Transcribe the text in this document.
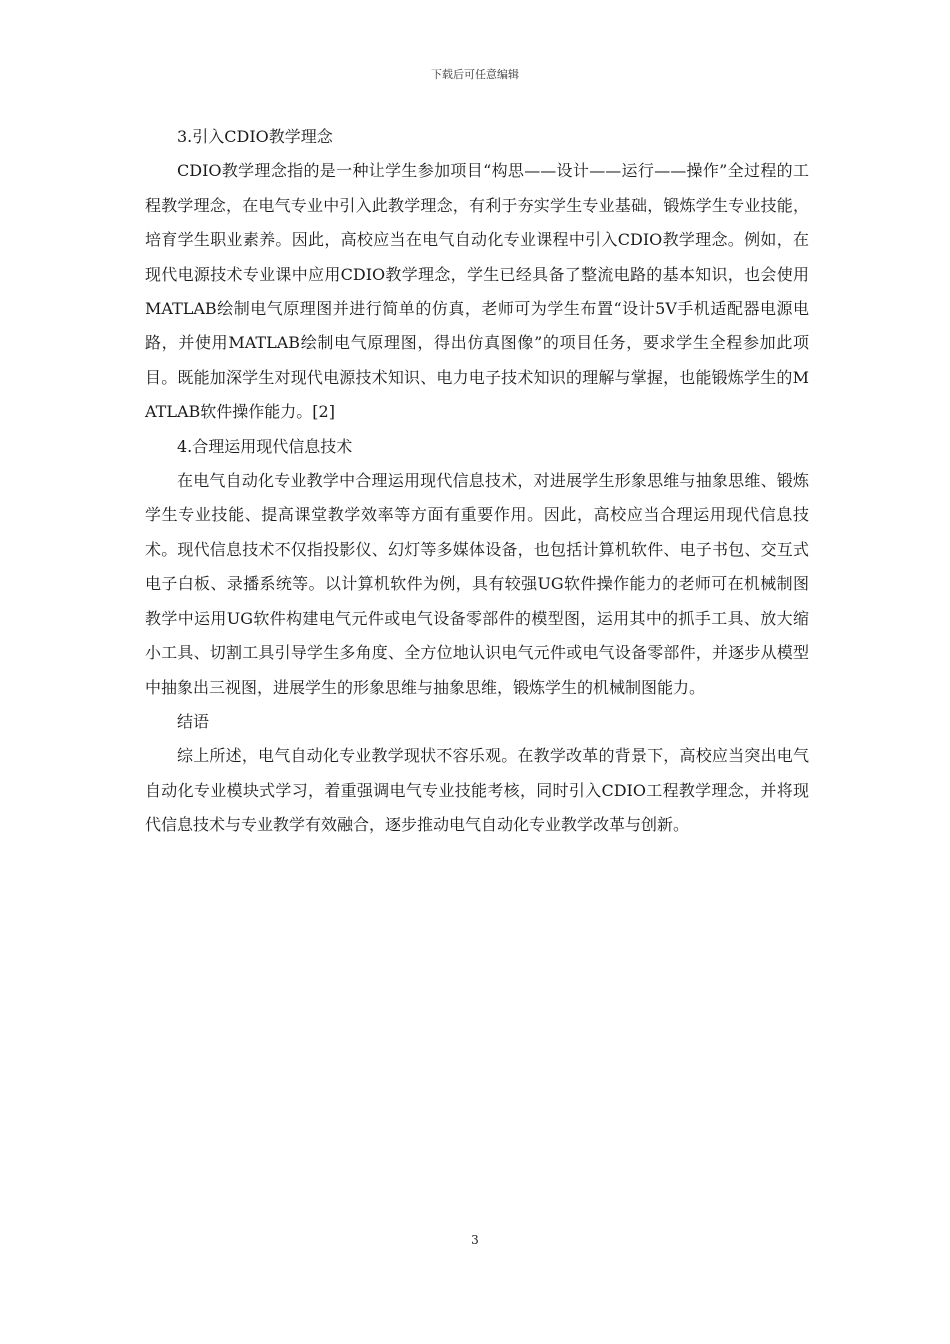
下载后可任意编辑

3.引入CDIO教学理念

CDIO教学理念指的是一种让学生参加项目“构思——设计——运行——操作”全过程的工程教学理念，在电气专业中引入此教学理念，有利于夯实学生专业基础，锻炼学生专业技能，培育学生职业素养。因此，高校应当在电气自动化专业课程中引入CDIO教学理念。例如，在现代电源技术专业课中应用CDIO教学理念，学生已经具备了整流电路的基本知识，也会使用MATLAB绘制电气原理图并进行简单的仿真，老师可为学生布置“设计5V手机适配器电源电路，并使用MATLAB绘制电气原理图，得出仿真图像”的项目任务，要求学生全程参加此项目。既能加深学生对现代电源技术知识、电力电子技术知识的理解与掌握，也能锻炼学生的MATLAB软件操作能力。[2]

4.合理运用现代信息技术

在电气自动化专业教学中合理运用现代信息技术，对进展学生形象思维与抽象思维、锻炼学生专业技能、提高课堂教学效率等方面有重要作用。因此，高校应当合理运用现代信息技术。现代信息技术不仅指投影仪、幻灯等多媒体设备，也包括计算机软件、电子书包、交互式电子白板、录播系统等。以计算机软件为例，具有较强UG软件操作能力的老师可在机械制图教学中运用UG软件构建电气元件或电气设备零部件的模型图，运用其中的抓手工具、放大缩小工具、切割工具引导学生多角度、全方位地认识电气元件或电气设备零部件，并逐步从模型中抽象出三视图，进展学生的形象思维与抽象思维，锻炼学生的机械制图能力。

结语

综上所述，电气自动化专业教学现状不容乐观。在教学改革的背景下，高校应当突出电气自动化专业模块式学习，着重强调电气专业技能考核，同时引入CDIO工程教学理念，并将现代信息技术与专业教学有效融合，逐步推动电气自动化专业教学改革与创新。

3
